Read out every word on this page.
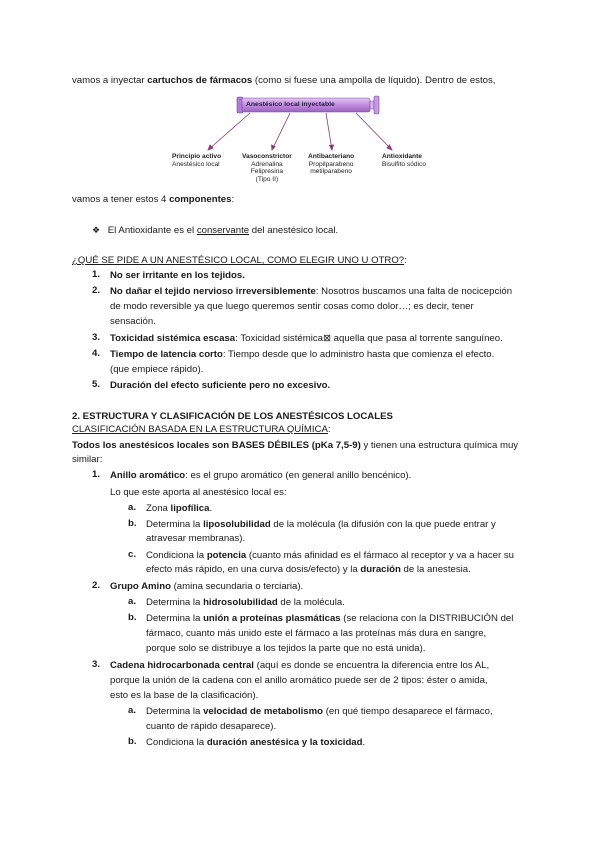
vamos a inyectar cartuchos de fármacos (como si fuese una ampolla de líquido). Dentro de estos,
Anestésico local inyectable
Principio activo
Anestésico local
Vasoconstrictor
Adrenalina
Felipresina
(Tipo II)
Antibacteriano
Propilparabeno
metilparabeno
Antioxidante
Bisulfito sódico
vamos a tener estos 4 componentes:
❖ El Antioxidante es el conservante del anestésico local.
¿QUÉ SE PIDE A UN ANESTÉSICO LOCAL, COMO ELEGIR UNO U OTRO?:
1. No ser irritante en los tejidos.
2. No dañar el tejido nervioso irreversiblemente: Nosotros buscamos una falta de nocicepción
de modo reversible ya que luego queremos sentir cosas como dolor…; es decir, tener
sensación.
3. Toxicidad sistémica escasa: Toxicidad sistémica⊠ aquella que pasa al torrente sanguíneo.
4. Tiempo de latencia corto: Tiempo desde que lo administro hasta que comienza el efecto.
(que empiece rápido).
5. Duración del efecto suficiente pero no excesivo.
2. ESTRUCTURA Y CLASIFICACIÓN DE LOS ANESTÉSICOS LOCALES
CLASIFICACIÓN BASADA EN LA ESTRUCTURA QUÍMICA:
Todos los anestésicos locales son BASES DÉBILES (pKa 7,5-9) y tienen una estructura química muy
similar:
1. Anillo aromático: es el grupo aromático (en general anillo bencénico).
Lo que este aporta al anestésico local es:
a. Zona lipofílica.
b. Determina la liposolubilidad de la molécula (la difusión con la que puede entrar y
atravesar membranas).
c. Condiciona la potencia (cuanto más afinidad es el fármaco al receptor y va a hacer su
efecto más rápido, en una curva dosis/efecto) y la duración de la anestesia.
2. Grupo Amino (amina secundaria o terciaria).
a. Determina la hidrosolubilidad de la molécula.
b. Determina la unión a proteínas plasmáticas (se relaciona con la DISTRIBUCIÓN del
fármaco, cuanto más unido este el fármaco a las proteínas más dura en sangre,
porque solo se distribuye a los tejidos la parte que no está unida).
3. Cadena hidrocarbonada central (aquí es donde se encuentra la diferencia entre los AL,
porque la unión de la cadena con el anillo aromático puede ser de 2 tipos: éster o amida,
esto es la base de la clasificación).
a. Determina la velocidad de metabolismo (en qué tiempo desaparece el fármaco,
cuanto de rápido desaparece).
b. Condiciona la duración anestésica y la toxicidad.
